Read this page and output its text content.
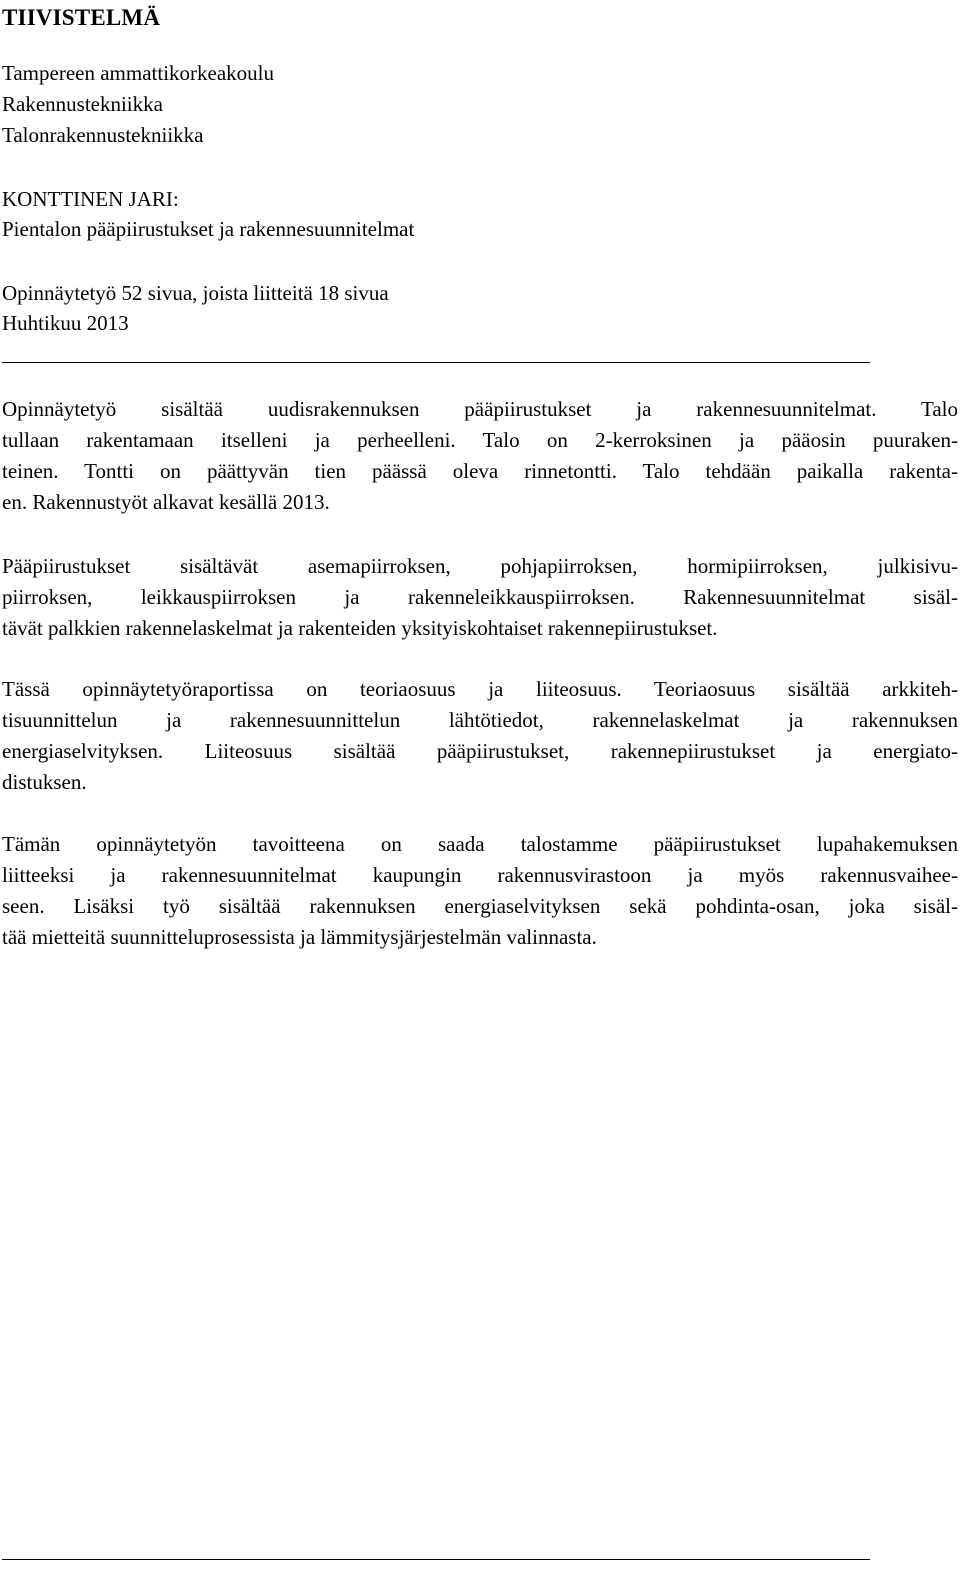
TIIVISTELMÄ

Tampereen ammattikorkeakoulu

Rakennustekniikka

Talonrakennustekniikka

KONTTINEN JARI:

Pientalon pääpiirustukset ja rakennesuunnitelmat

Opinnäytetyö 52 sivua, joista liitteitä 18 sivua

Huhtikuu 2013

Opinnäytetyö sisältää uudisrakennuksen pääpiirustukset ja rakennesuunnitelmat. Talo
tullaan rakentamaan itselleni ja perheelleni. Talo on 2-kerroksinen ja pääosin puuraken-
teinen. Tontti on päättyvän tien päässä oleva rinnetontti. Talo tehdään paikalla rakenta-
en. Rakennustyöt alkavat kesällä 2013.
Pääpiirustukset sisältävät asemapiirroksen, pohjapiirroksen, hormipiirroksen, julkisivu-
piirroksen, leikkauspiirroksen ja rakenneleikkauspiirroksen. Rakennesuunnitelmat sisäl-
tävät palkkien rakennelaskelmat ja rakenteiden yksityiskohtaiset rakennepiirustukset.
Tässä opinnäytetyöraportissa on teoriaosuus ja liiteosuus. Teoriaosuus sisältää arkkiteh-
tisuunnittelun ja rakennesuunnittelun lähtötiedot, rakennelaskelmat ja rakennuksen
energiaselvityksen. Liiteosuus sisältää pääpiirustukset, rakennepiirustukset ja energiato-
distuksen.
Tämän opinnäytetyön tavoitteena on saada talostamme pääpiirustukset lupahakemuksen
liitteeksi ja rakennesuunnitelmat kaupungin rakennusvirastoon ja myös rakennusvaihee-
seen. Lisäksi työ sisältää rakennuksen energiaselvityksen sekä pohdinta-osan, joka sisäl-
tää mietteitä suunnitteluprosessista ja lämmitysjärjestelmän valinnasta.
